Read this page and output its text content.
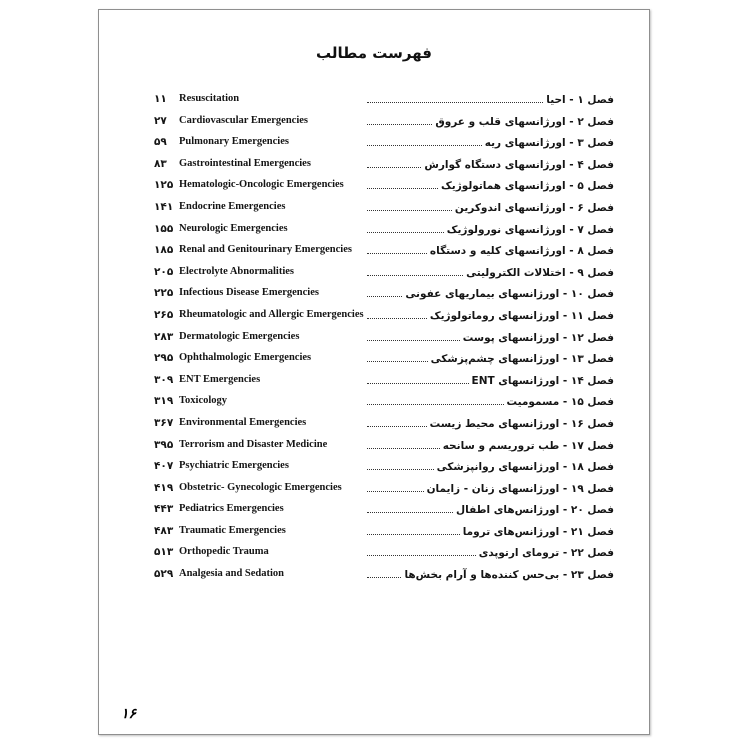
فهرست مطالب
۱۱	Resuscitation	فصل ۱ - احیا
۲۷	Cardiovascular Emergencies	فصل ۲ - اورژانسهای قلب و عروق
۵۹	Pulmonary Emergencies	فصل ۳ - اورژانسهای ریه
۸۳	Gastrointestinal Emergencies	فصل ۴ - اورژانسهای دستگاه گوارش
۱۲۵ Hematologic-Oncologic Emergencies	فصل ۵ - اورژانسهای هماتولوژیک
۱۴۱ Endocrine Emergencies	فصل ۶ - اورژانسهای اندوکرین
۱۵۵ Neurologic Emergencies	فصل ۷ - اورژانسهای نورولوژیک
۱۸۵ Renal and Genitourinary Emergencies	فصل ۸ - اورژانسهای کلیه و دستگاه
۲۰۵ Electrolyte Abnormalities	فصل ۹ - اختلالات الکترولیتی
۲۲۵ Infectious Disease Emergencies	فصل ۱۰ - اورژانسهای بیماریهای عفونی
۲۶۵ Rheumatologic and Allergic Emergencies	فصل ۱۱ - اورژانسهای روماتولوژیک
۲۸۳ Dermatologic Emergencies	فصل ۱۲ - اورژانسهای پوست
۲۹۵ Ophthalmologic Emergencies	فصل ۱۳ - اورژانسهای چشم‌پزشکی
۳۰۹ ENT Emergencies	فصل ۱۴ - اورژانسهای ENT
۳۱۹ Toxicology	فصل ۱۵ - مسمومیت
۳۶۷ Environmental Emergencies	فصل ۱۶ - اورژانسهای محیط زیست
۳۹۵ Terrorism and Disaster Medicine	فصل ۱۷ - طب تروریسم و سانحه
۴۰۷ Psychiatric Emergencies	فصل ۱۸ - اورژانسهای روانپزشکی
۴۱۹ Obstetric- Gynecologic Emergencies	فصل ۱۹ - اورژانسهای زنان - زایمان
۴۴۳ Pediatrics Emergencies	فصل ۲۰ - اورژانس‌های اطفال
۴۸۳ Traumatic Emergencies	فصل ۲۱ - اورژانس‌های تروما
۵۱۳ Orthopedic Trauma	فصل ۲۲ - ترومای ارتوپدی
۵۲۹ Analgesia and Sedation	فصل ۲۳ - بی‌حس کننده‌ها و آرام بخش‌ها
۱۶
